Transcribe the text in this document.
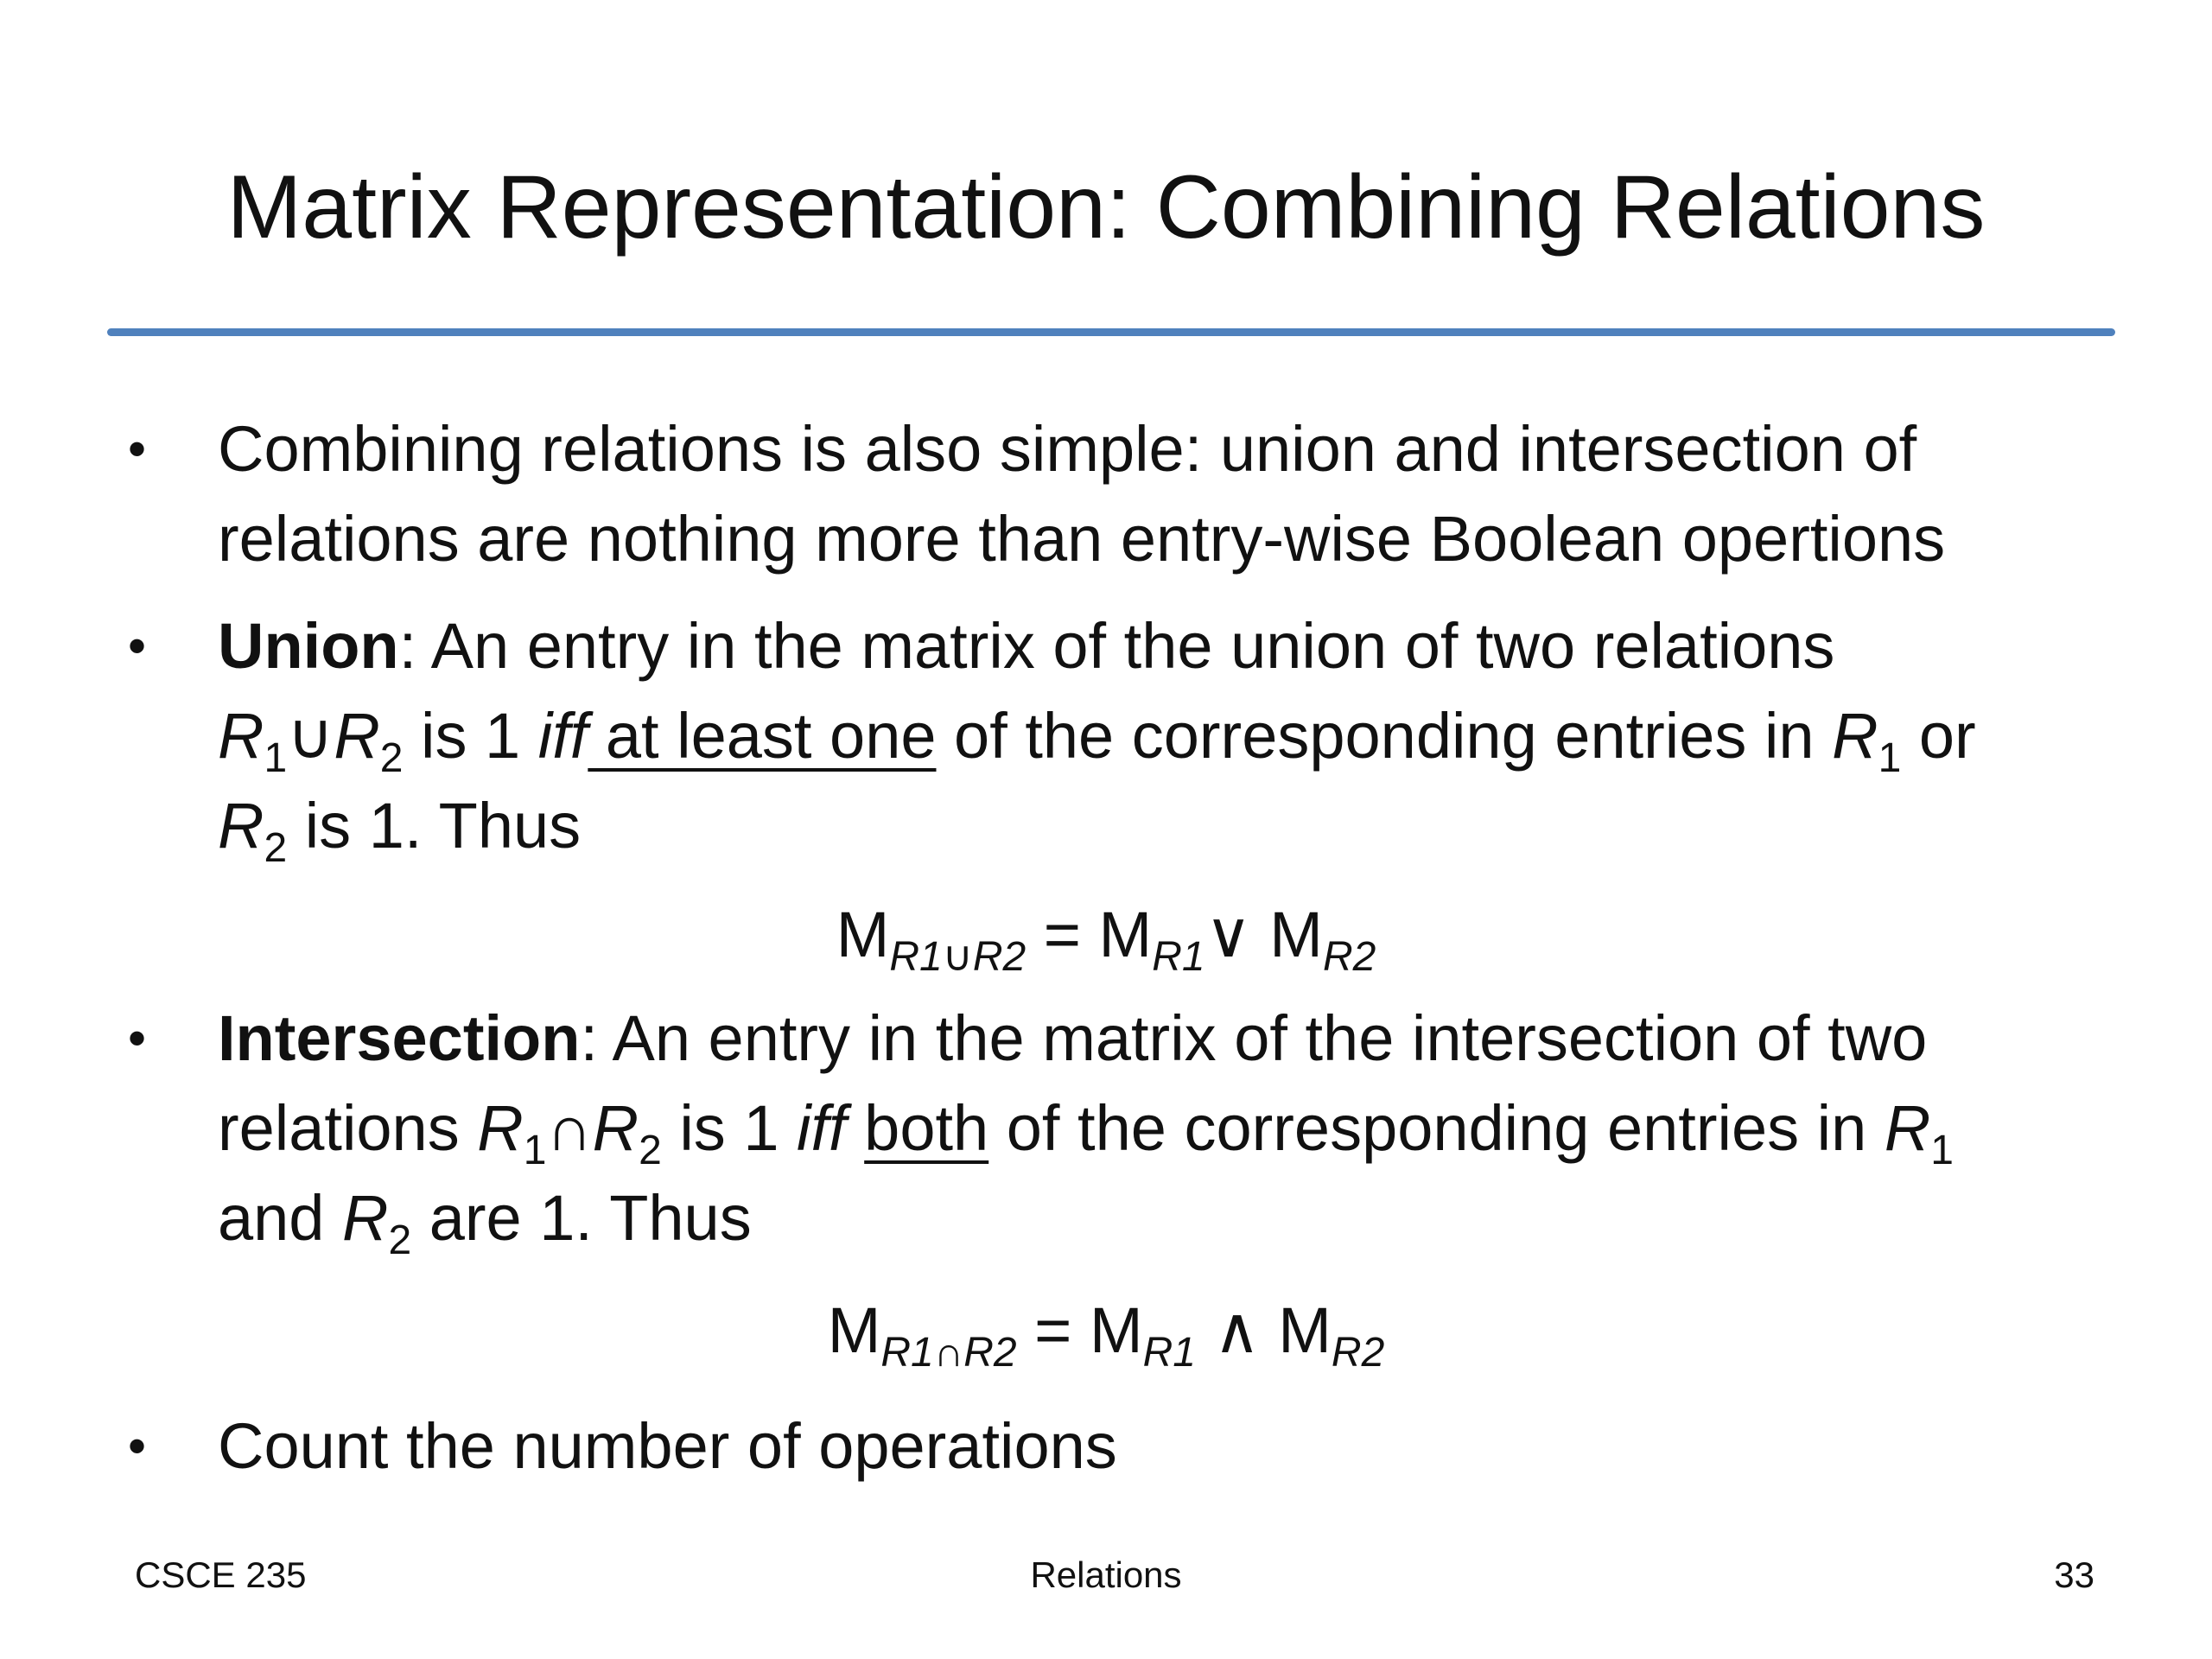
Matrix Representation: Combining Relations
•	Combining relations is also simple: union and intersection of
relations are nothing more than entry-wise Boolean opertions
•	Union: An entry in the matrix of the union of two relations
$R_1\cup R_2$ is 1 iff at least one of the corresponding entries in $R_1$ or
$R_2$ is 1. Thus
$M_{R1\cup R2}$ = $M_{R1}\vee$ $M_{R2}$
•	Intersection: An entry in the matrix of the intersection of two
relations $R_1\cap R_2$ is 1 iff both of the corresponding entries in $R_1$
and $R_2$ are 1. Thus
$M_{R1\cap R2} = M_{R1}$ ∧ $M_{R2}$
•	Count the number of operations
CSCE 235	Relations	33
